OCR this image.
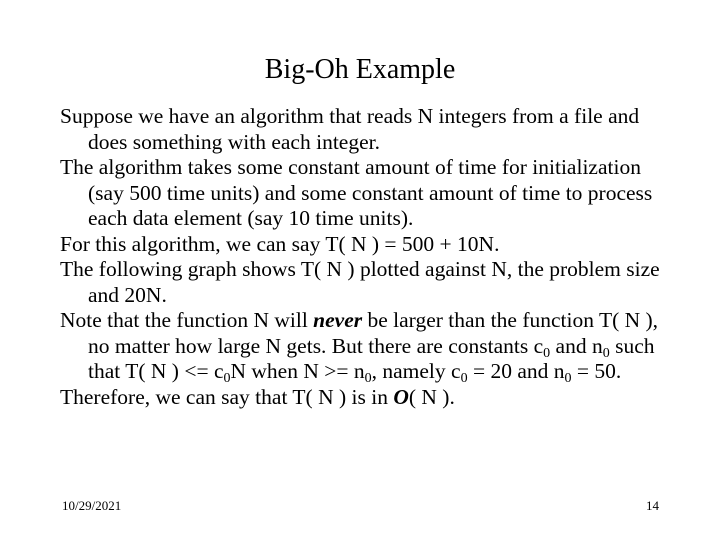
Big-Oh Example

Suppose we have an algorithm that reads N integers from a file and does something with each integer.

The algorithm takes some constant amount of time for initialization (say 500 time units) and some constant amount of time to process each data element (say 10 time units).

For this algorithm, we can say T( N ) = 500 + 10N.

The following graph shows T( N ) plotted against N, the problem size and 20N.

Note that the function N will never be larger than the function T( N ), no matter how large N gets. But there are constants $c_0$ and $n_0$ such that T( N ) <= $c_0N$ when $N >= n_0$, namely $c_0 = 20$ and $n_0 = 50$.

Therefore, we can say that T( N ) is in O( N ).

10/29/2021	14
